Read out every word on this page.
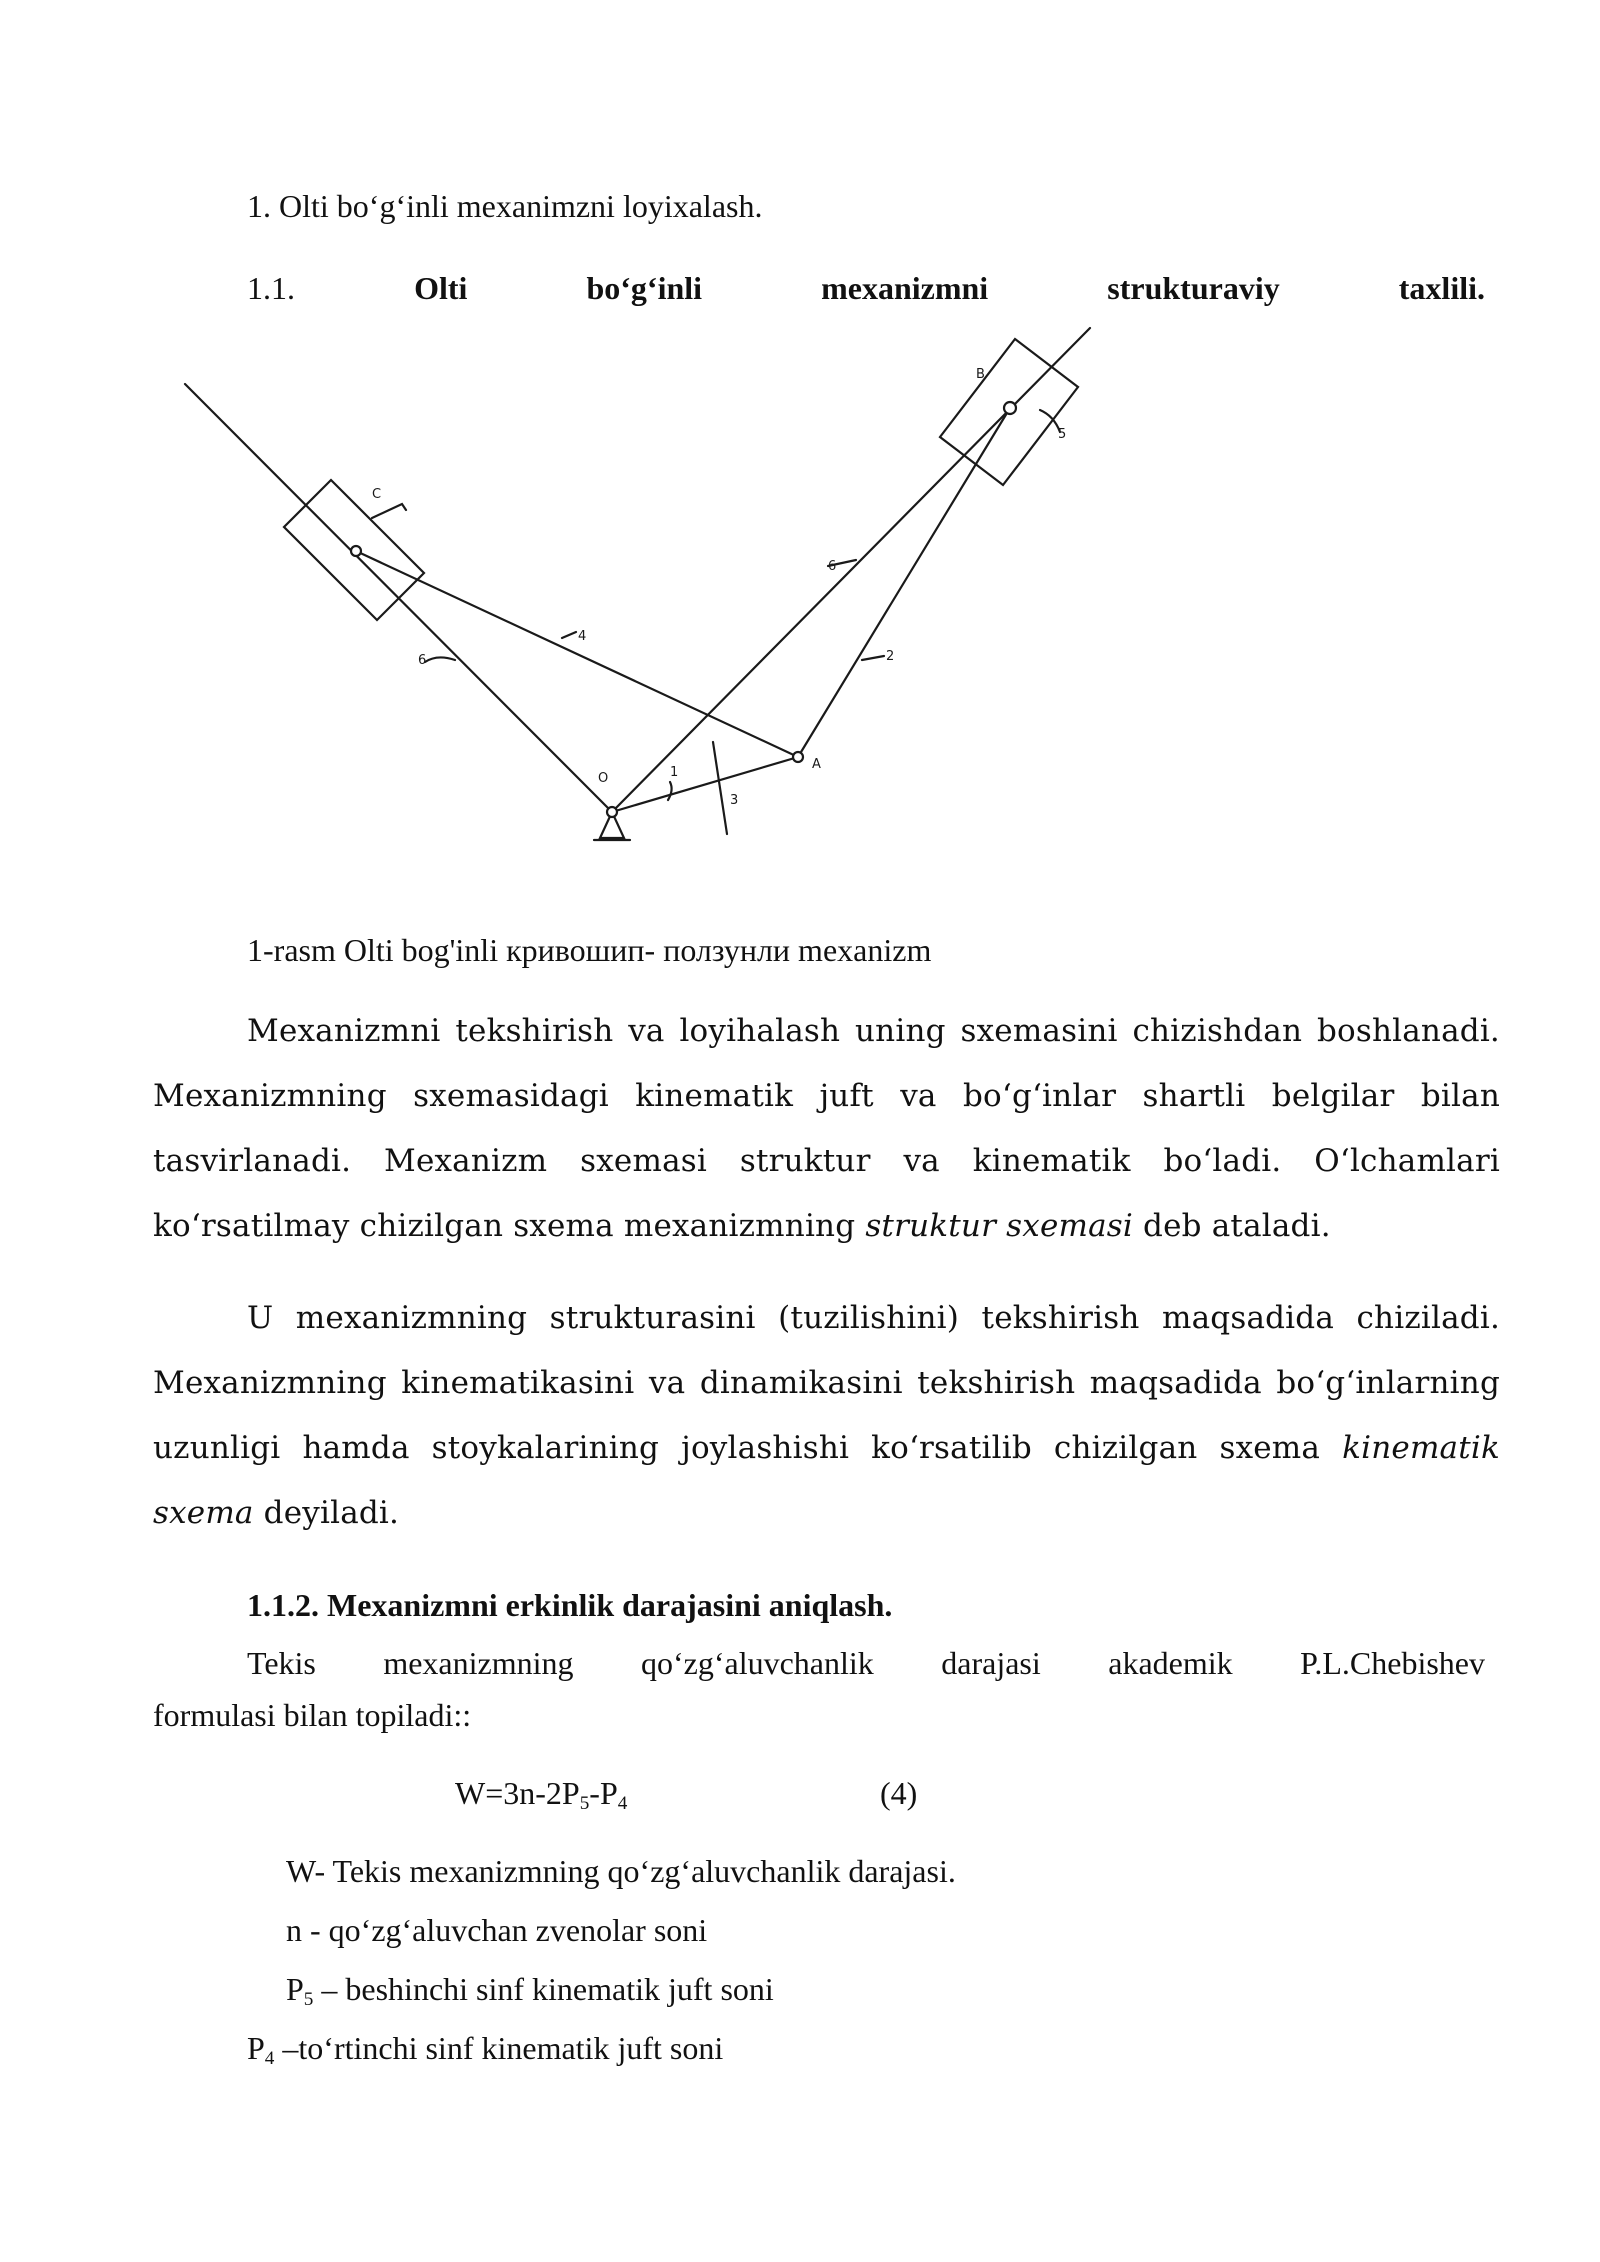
1. Olti bo‘g‘inli mexanimzni loyixalash.
1.1.	Olti	bo‘g‘inli	mexanizmni	strukturaviy	taxlili.
B
C
O
A
1
2
3
4
5
6
6
1-rasm Olti bog'inli кривошип- ползунли mexanizm
Mexanizmni tekshirish va loyihalash uning sxemasini chizishdan boshlanadi.
Mexanizmning sxemasidagi kinematik juft va bo‘g‘inlar shartli belgilar bilan
tasvirlanadi. Mexanizm sxemasi struktur va kinematik bo‘ladi. O‘lchamlari
ko‘rsatilmay chizilgan sxema mexanizmning struktur sxemasi deb ataladi.
U mexanizmning strukturasini (tuzilishini) tekshirish maqsadida chiziladi.
Mexanizmning kinematikasini va dinamikasini tekshirish maqsadida bo‘g‘inlarning
uzunligi hamda stoykalarining joylashishi ko‘rsatilib chizilgan sxema kinematik
sxema deyiladi.
1.1.2. Mexanizmni erkinlik darajasini aniqlash.
Tekis mexanizmning qo‘zg‘aluvchanlik darajasi akademik P.L.Chebishev
formulasi bilan topiladi::
$W=3n-2P_5-P_4$	(4)
W- Tekis mexanizmning qo‘zg‘aluvchanlik darajasi.
n - qo‘zg‘aluvchan zvenolar soni
$P_5$ – beshinchi sinf kinematik juft soni
$P_4$ –to‘rtinchi sinf kinematik juft soni
